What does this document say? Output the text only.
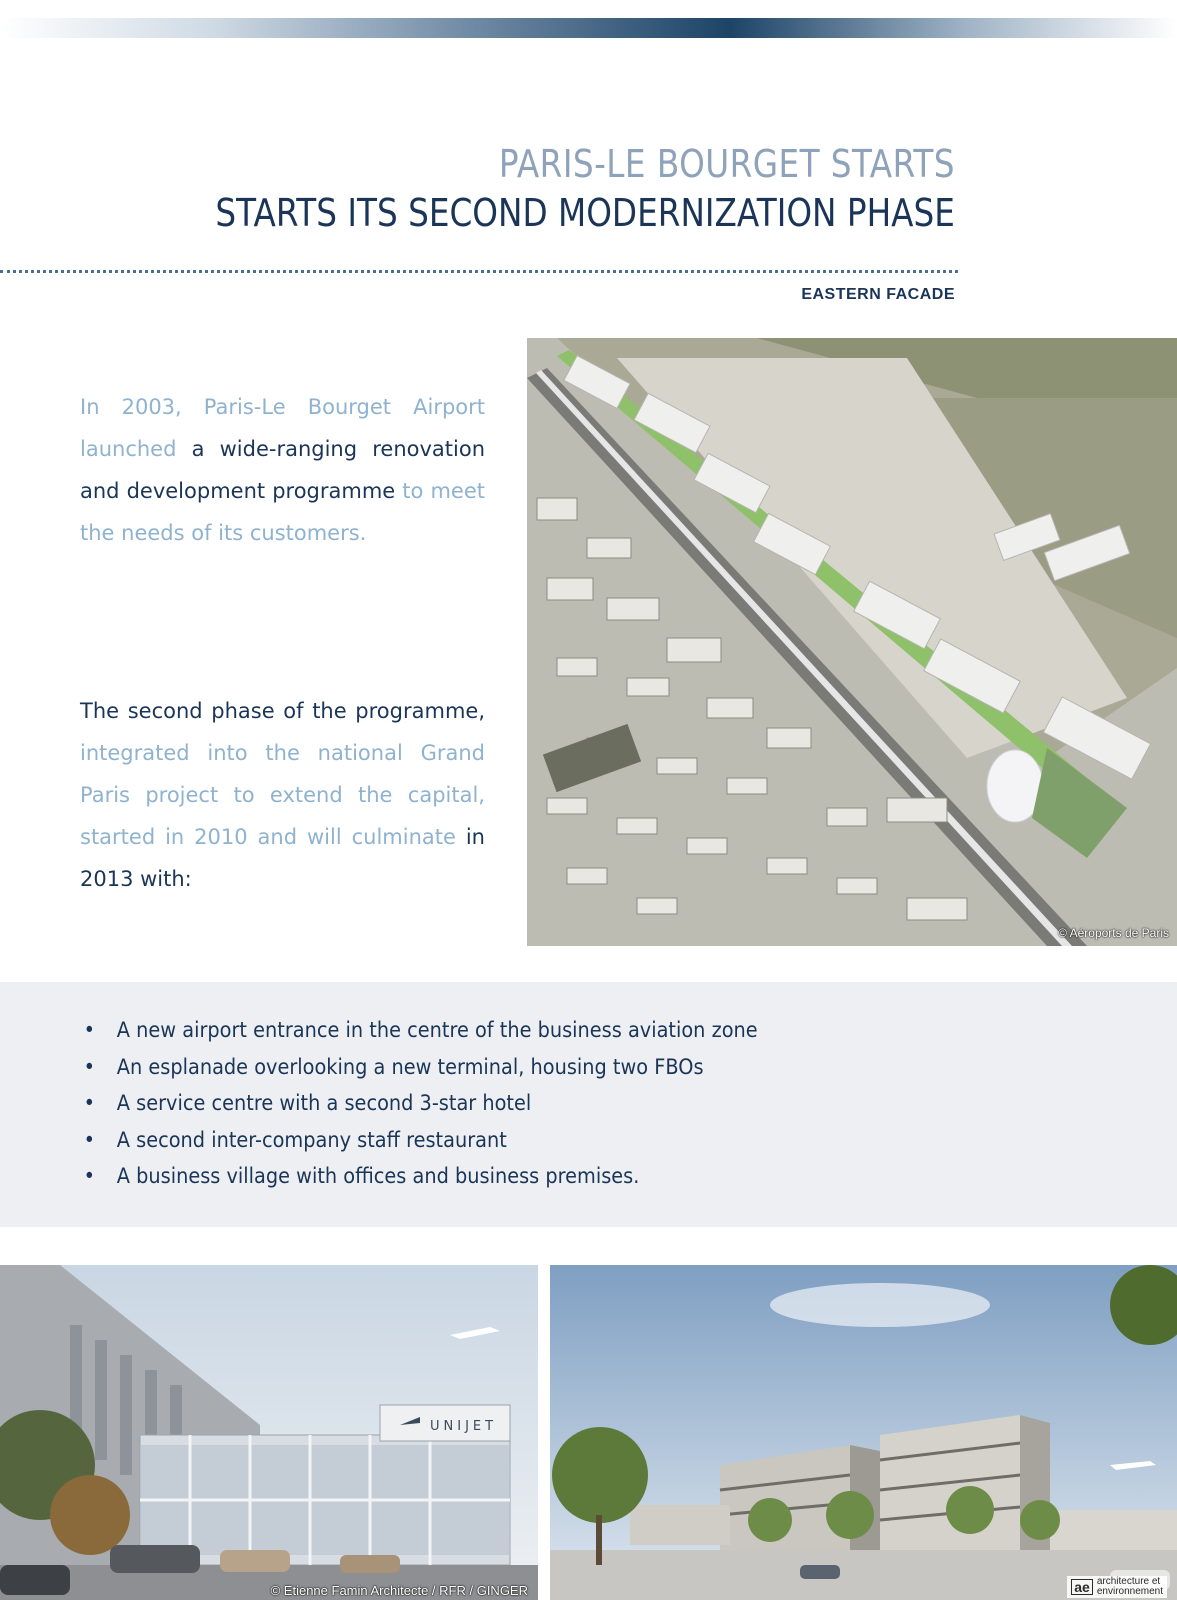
PARIS-LE BOURGET STARTS
STARTS ITS SECOND MODERNIZATION PHASE
EASTERN FACADE
In 2003, Paris-Le Bourget Airport launched a wide-ranging renovation and development programme to meet the needs of its customers.
The second phase of the programme, integrated into the national Grand Paris project to extend the capital, started in 2010 and will culminate in 2013 with:
© Aéroports de Paris
• A new airport entrance in the centre of the business aviation zone
• An esplanade overlooking a new terminal, housing two FBOs
• A service centre with a second 3-star hotel
• A second inter-company staff restaurant
• A business village with offices and business premises.
UNIJET
© Etienne Famin Architecte / RFR / GINGER	ae architecture et
environnement
